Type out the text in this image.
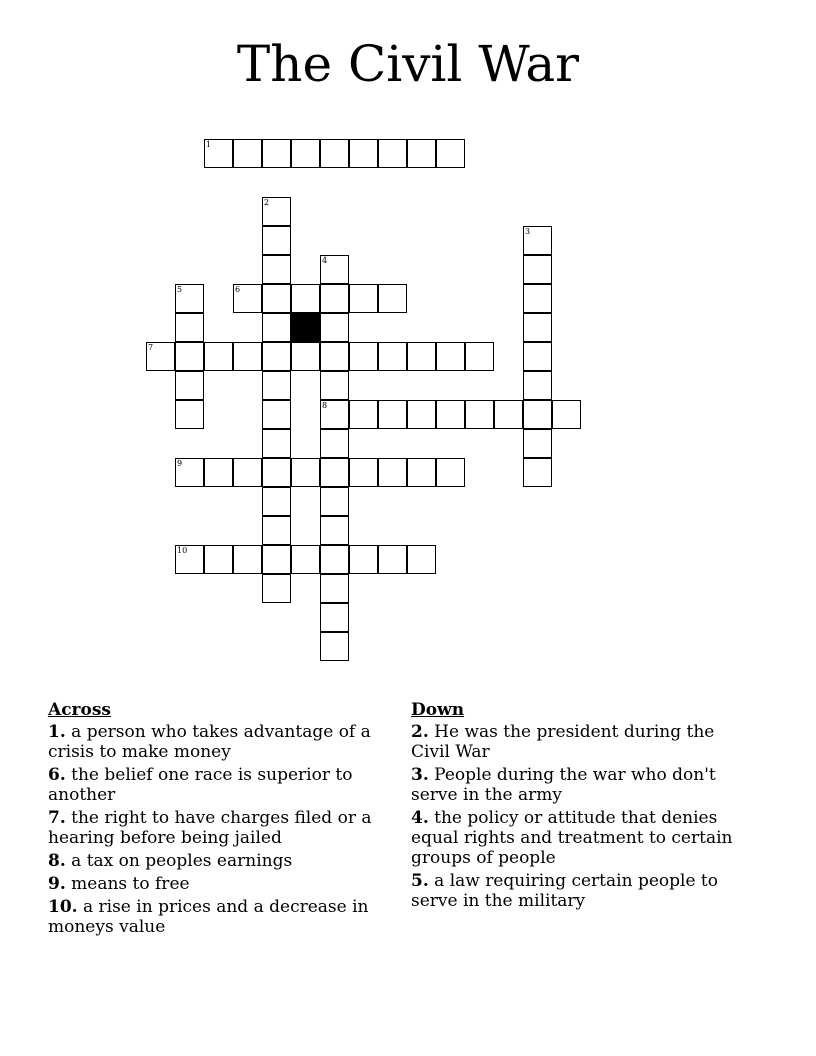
The Civil War
1
6
7
8
9
10
2
3
4
5
Across
1. a person who takes advantage of a crisis to make money
6. the belief one race is superior to another
7. the right to have charges filed or a hearing before being jailed
8. a tax on peoples earnings
9. means to free
10. a rise in prices and a decrease in moneys value
Down
2. He was the president during the Civil War
3. People during the war who don't serve in the army
4. the policy or attitude that denies equal rights and treatment to certain groups of people
5. a law requiring certain people to serve in the military
